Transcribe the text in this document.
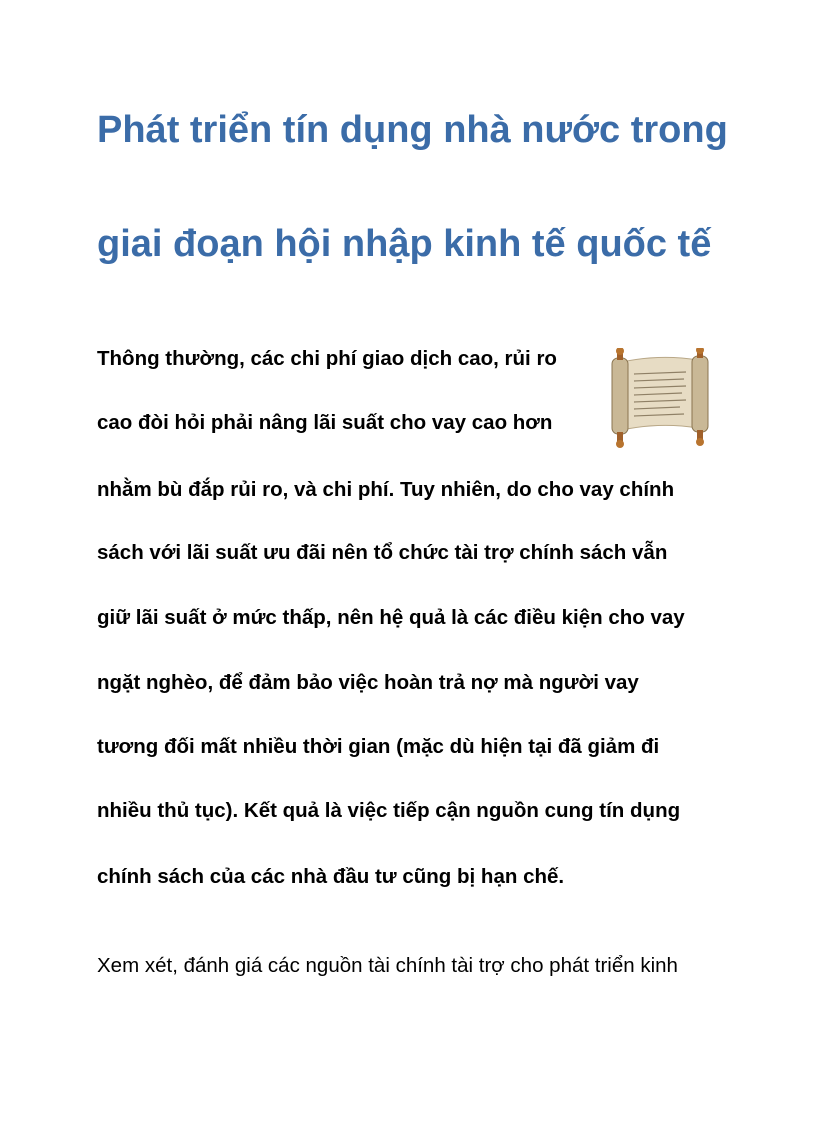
Phát triển tín dụng nhà nước trong
giai đoạn hội nhập kinh tế quốc tế

Thông thường, các chi phí giao dịch cao, rủi ro

cao đòi hỏi phải nâng lãi suất cho vay cao hơn

nhằm bù đắp rủi ro, và chi phí. Tuy nhiên, do cho vay chính

sách với lãi suất ưu đãi nên tổ chức tài trợ chính sách vẫn

giữ lãi suất ở mức thấp, nên hệ quả là các điều kiện cho vay

ngặt nghèo, để đảm bảo việc hoàn trả nợ mà người vay

tương đối mất nhiều thời gian (mặc dù hiện tại đã giảm đi

nhiều thủ tục). Kết quả là việc tiếp cận nguồn cung tín dụng

chính sách của các nhà đầu tư cũng bị hạn chế.

Xem xét, đánh giá các nguồn tài chính tài trợ cho phát triển kinh
